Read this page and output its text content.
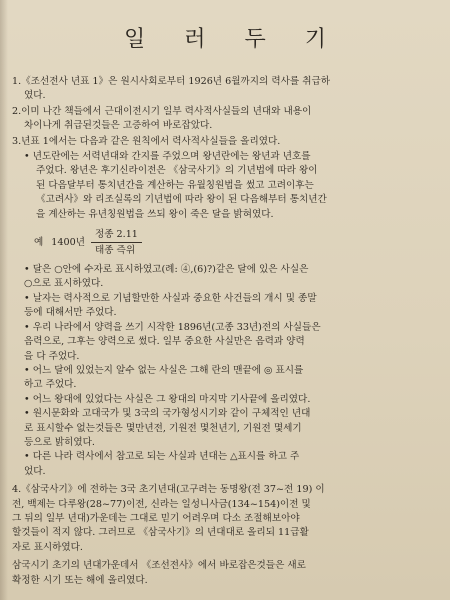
일 러 두 기
1.《조선전사 년표 1》은 원시사회로부터 1926년 6월까지의 력사를 취급하
였다.
2.이미 나간 책들에서 근대이전시기 일부 력사적사실들의 년대와 내용이
차이나게 취급된것들은 고증하여 바로잡았다.
3.년표 1에서는 다음과 같은 원칙에서 력사적사실들을 올리였다.
• 년도란에는 서력년대와 간지를 주었으며 왕년란에는 왕년과 년호를
주었다. 왕년은 후기신라이전은 《삼국사기》의 기년법에 따라 왕이
된 다음달부터 통치년간을 계산하는 유월칭원법을 썼고 고려이후는
《고려사》와 리조실록의 기년법에 따라 왕이 된 다음해부터 통치년간
을 계산하는 유년칭원법을 쓰되 왕이 죽은 달을 밝혀였다.
예 1400년 $\frac{\text{정종 2.11}}{\text{태종 즉위}}$
• 달은 ○안에 수자로 표시하였고(례: ④,(6)?)같은 달에 있은 사실은
○으로 표시하였다.
• 날자는 력사적으로 기념할만한 사실과 중요한 사건들의 개시 및 종말
등에 대해서만 주었다.
• 우리 나라에서 양력을 쓰기 시작한 1896년(고종 33년)전의 사실들은
음력으로, 그후는 양력으로 썼다. 일부 중요한 사실만은 음력과 양력
을 다 주었다.
• 어느 달에 있었는지 알수 없는 사실은 그해 란의 맨끝에 ◎ 표시를
하고 주었다.
• 어느 왕대에 있었다는 사실은 그 왕대의 마지막 기사끝에 올리였다.
• 원시문화와 고대국가 및 3국의 국가형성시기와 같이 구체적인 년대
로 표시할수 없는것들은 몇만년전, 기원전 몇천년기, 기원전 몇세기
등으로 밝히였다.
• 다른 나라 력사에서 참고로 되는 사실과 년대는 △표시를 하고 주
었다.
4.《삼국사기》에 전하는 3국 초기년대(고구려는 동명왕(전 37~전 19) 이
전, 백제는 다루왕(28~77)이전, 신라는 일성니사금(134~154)이전 및
그 뒤의 일부 년대)가운데는 그대로 믿기 어려우며 다소 조절해보아야
할것들이 적지 않다. 그러므로 《삼국사기》의 년대대로 올리되 11급활
자로 표시하였다.
삼국시기 초기의 년대가운데서 《조선전사》에서 바로잡은것들은 새로
확정한 시기 또는 해에 올리였다.
